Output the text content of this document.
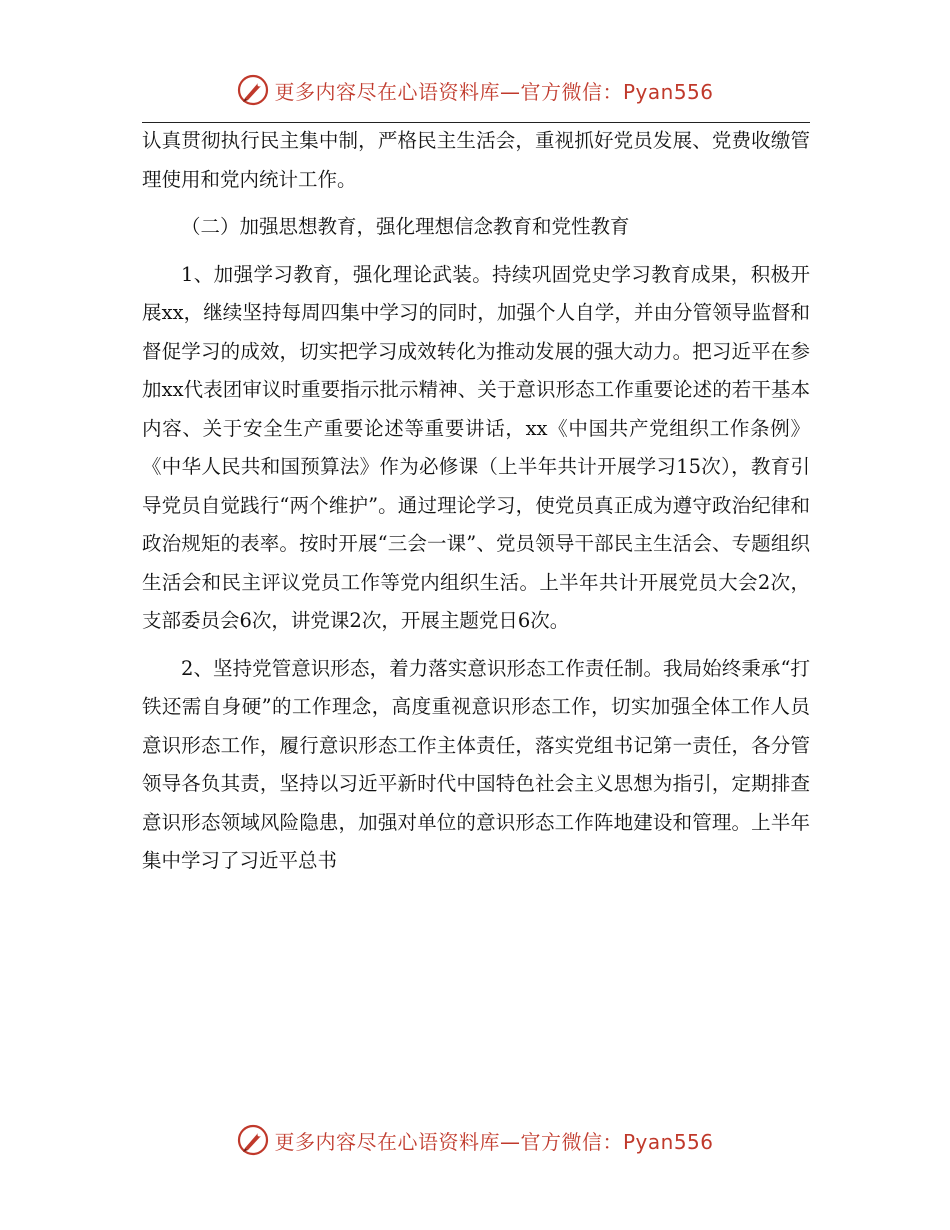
更多内容尽在心语资料库—官方微信：Pyan556

认真贯彻执行民主集中制，严格民主生活会，重视抓好党员发展、党费收缴管理使用和党内统计工作。

（二）加强思想教育，强化理想信念教育和党性教育

1、加强学习教育，强化理论武装。持续巩固党史学习教育成果，积极开展xx，继续坚持每周四集中学习的同时，加强个人自学，并由分管领导监督和督促学习的成效，切实把学习成效转化为推动发展的强大动力。把习近平在参加xx代表团审议时重要指示批示精神、关于意识形态工作重要论述的若干基本内容、关于安全生产重要论述等重要讲话，xx《中国共产党组织工作条例》《中华人民共和国预算法》作为必修课（上半年共计开展学习15次），教育引导党员自觉践行“两个维护”。通过理论学习，使党员真正成为遵守政治纪律和政治规矩的表率。按时开展“三会一课”、党员领导干部民主生活会、专题组织生活会和民主评议党员工作等党内组织生活。上半年共计开展党员大会2次，支部委员会6次，讲党课2次，开展主题党日6次。

2、坚持党管意识形态，着力落实意识形态工作责任制。我局始终秉承“打铁还需自身硬”的工作理念，高度重视意识形态工作，切实加强全体工作人员意识形态工作，履行意识形态工作主体责任，落实党组书记第一责任，各分管领导各负其责，坚持以习近平新时代中国特色社会主义思想为指引，定期排查意识形态领域风险隐患，加强对单位的意识形态工作阵地建设和管理。上半年集中学习了习近平总书

更多内容尽在心语资料库—官方微信：Pyan556
